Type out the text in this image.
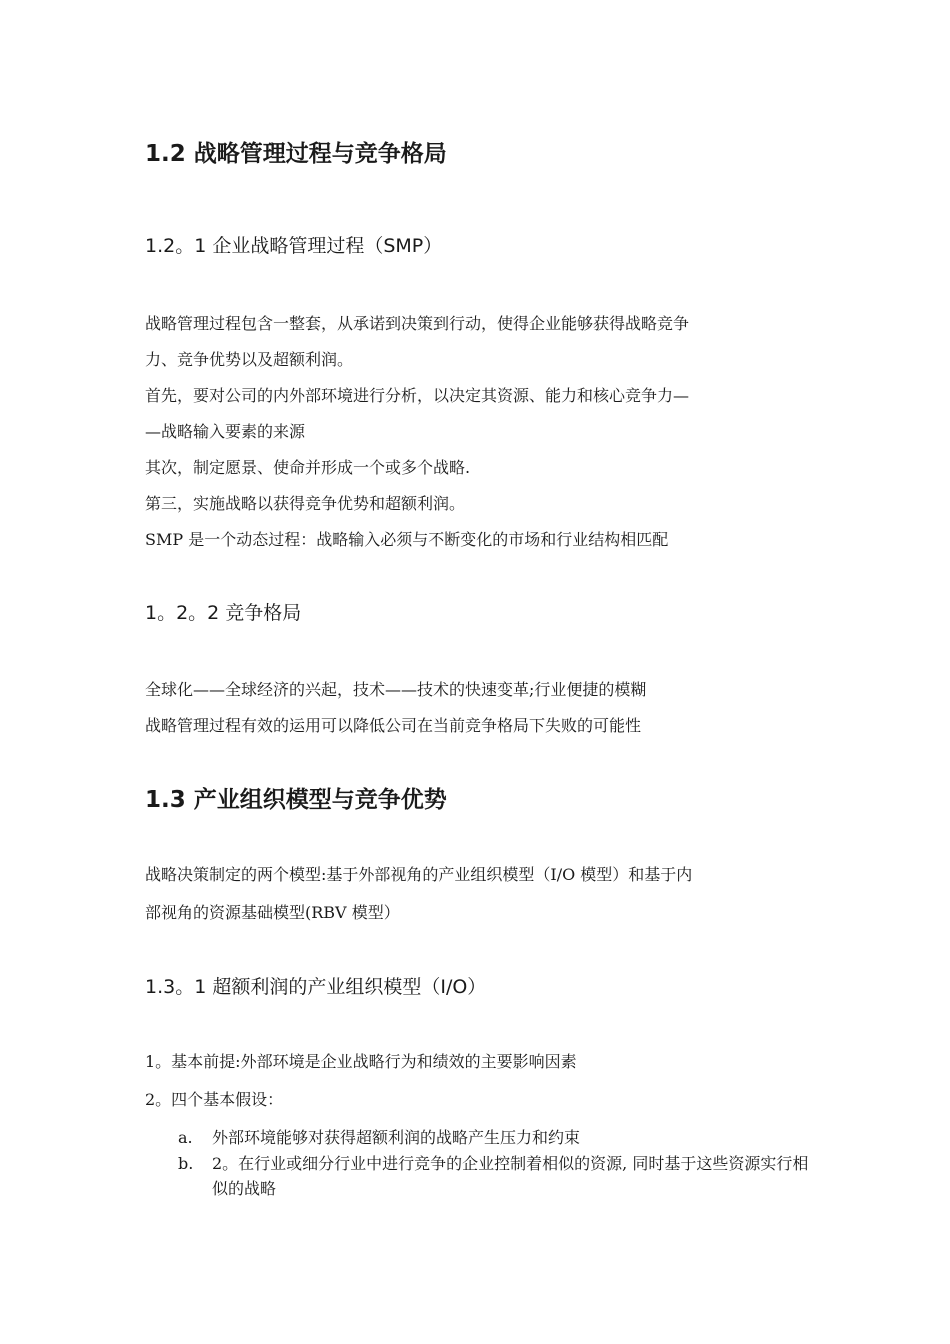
1.2 战略管理过程与竞争格局
1.2。1 企业战略管理过程（SMP）

战略管理过程包含一整套，从承诺到决策到行动，使得企业能够获得战略竞争

力、竞争优势以及超额利润。

首先，要对公司的内外部环境进行分析，以决定其资源、能力和核心竞争力—

—战略输入要素的来源

其次，制定愿景、使命并形成一个或多个战略.

第三，实施战略以获得竞争优势和超额利润。

SMP 是一个动态过程：战略输入必须与不断变化的市场和行业结构相匹配

1。2。2 竞争格局

全球化——全球经济的兴起，技术——技术的快速变革;行业便捷的模糊

战略管理过程有效的运用可以降低公司在当前竞争格局下失败的可能性

1.3 产业组织模型与竞争优势

战略决策制定的两个模型:基于外部视角的产业组织模型（I/O 模型）和基于内

部视角的资源基础模型(RBV 模型）

1.3。1 超额利润的产业组织模型（I/O）

1。基本前提:外部环境是企业战略行为和绩效的主要影响因素

2。四个基本假设：

a.	外部环境能够对获得超额利润的战略产生压力和约束
b.	2。在行业或细分行业中进行竞争的企业控制着相似的资源, 同时基于这些资源实行相似的战略
